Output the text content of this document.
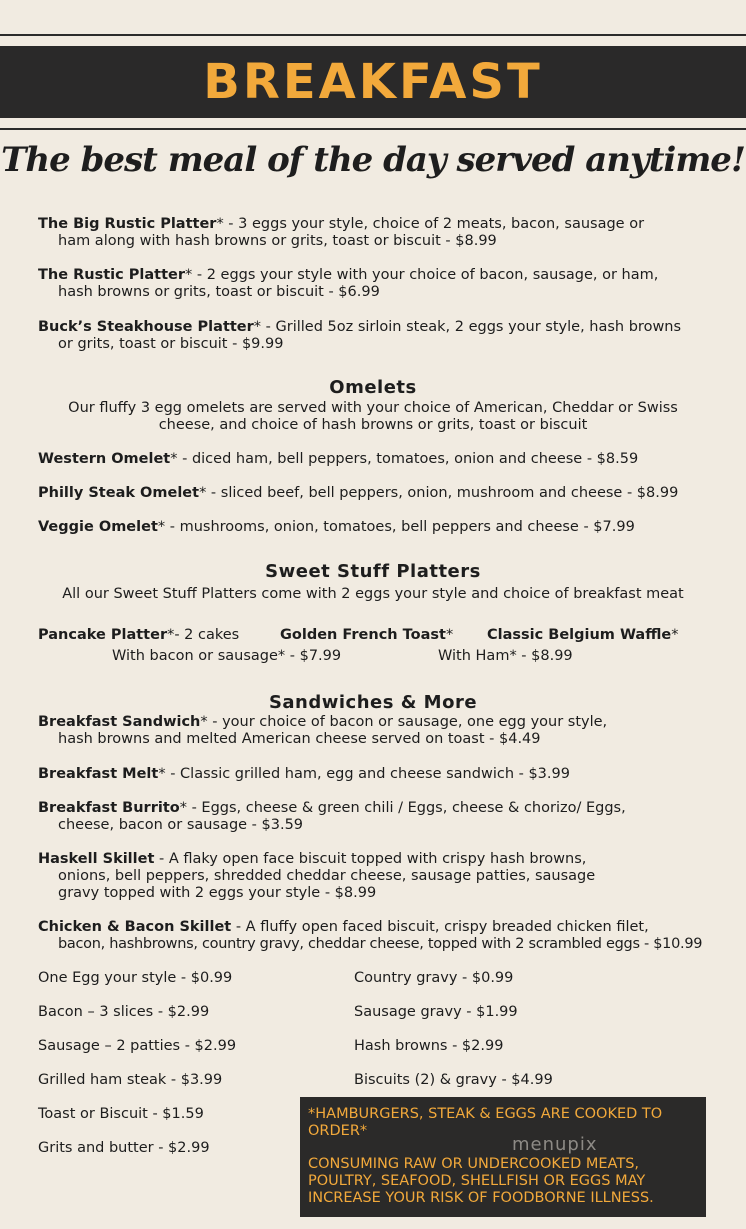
BREAKFAST
The best meal of the day served anytime!
The Big Rustic Platter* - 3 eggs your style, choice of 2 meats, bacon, sausage or
ham along with hash browns or grits, toast or biscuit - $8.99
The Rustic Platter* - 2 eggs your style with your choice of bacon, sausage, or ham,
hash browns or grits, toast or biscuit - $6.99
Buck’s Steakhouse Platter* - Grilled 5oz sirloin steak, 2 eggs your style, hash browns
or grits, toast or biscuit - $9.99
Omelets
Our fluffy 3 egg omelets are served with your choice of American, Cheddar or Swiss
cheese, and choice of hash browns or grits, toast or biscuit
Western Omelet* - diced ham, bell peppers, tomatoes, onion and cheese - $8.59
Philly Steak Omelet* - sliced beef, bell peppers, onion, mushroom and cheese - $8.99
Veggie Omelet* - mushrooms, onion, tomatoes, bell peppers and cheese - $7.99
Sweet Stuff Platters
All our Sweet Stuff Platters come with 2 eggs your style and choice of breakfast meat
Pancake Platter*- 2 cakes	Golden French Toast* Classic Belgium Waffle*
With bacon or sausage* - $7.99	With Ham* - $8.99
Sandwiches & More
Breakfast Sandwich* - your choice of bacon or sausage, one egg your style,
hash browns and melted American cheese served on toast - $4.49
Breakfast Melt* - Classic grilled ham, egg and cheese sandwich - $3.99
Breakfast Burrito* - Eggs, cheese & green chili / Eggs, cheese & chorizo/ Eggs,
cheese, bacon or sausage - $3.59
Haskell Skillet - A flaky open face biscuit topped with crispy hash browns,
onions, bell peppers, shredded cheddar cheese, sausage patties, sausage
gravy topped with 2 eggs your style - $8.99
Chicken & Bacon Skillet - A fluffy open faced biscuit, crispy breaded chicken filet,
bacon, hashbrowns, country gravy, cheddar cheese, topped with 2 scrambled eggs - $10.99
One Egg your style - $0.99
Bacon – 3 slices - $2.99
Sausage – 2 patties - $2.99
Grilled ham steak - $3.99
Toast or Biscuit - $1.59
Grits and butter - $2.99
Country gravy - $0.99
Sausage gravy - $1.99
Hash browns - $2.99
Biscuits (2) & gravy - $4.99

*HAMBURGERS, STEAK & EGGS ARE COOKED TO ORDER*

CONSUMING RAW OR UNDERCOOKED MEATS, POULTRY, SEAFOOD, SHELLFISH OR EGGS MAY INCREASE YOUR RISK OF FOODBORNE ILLNESS.

menupix
